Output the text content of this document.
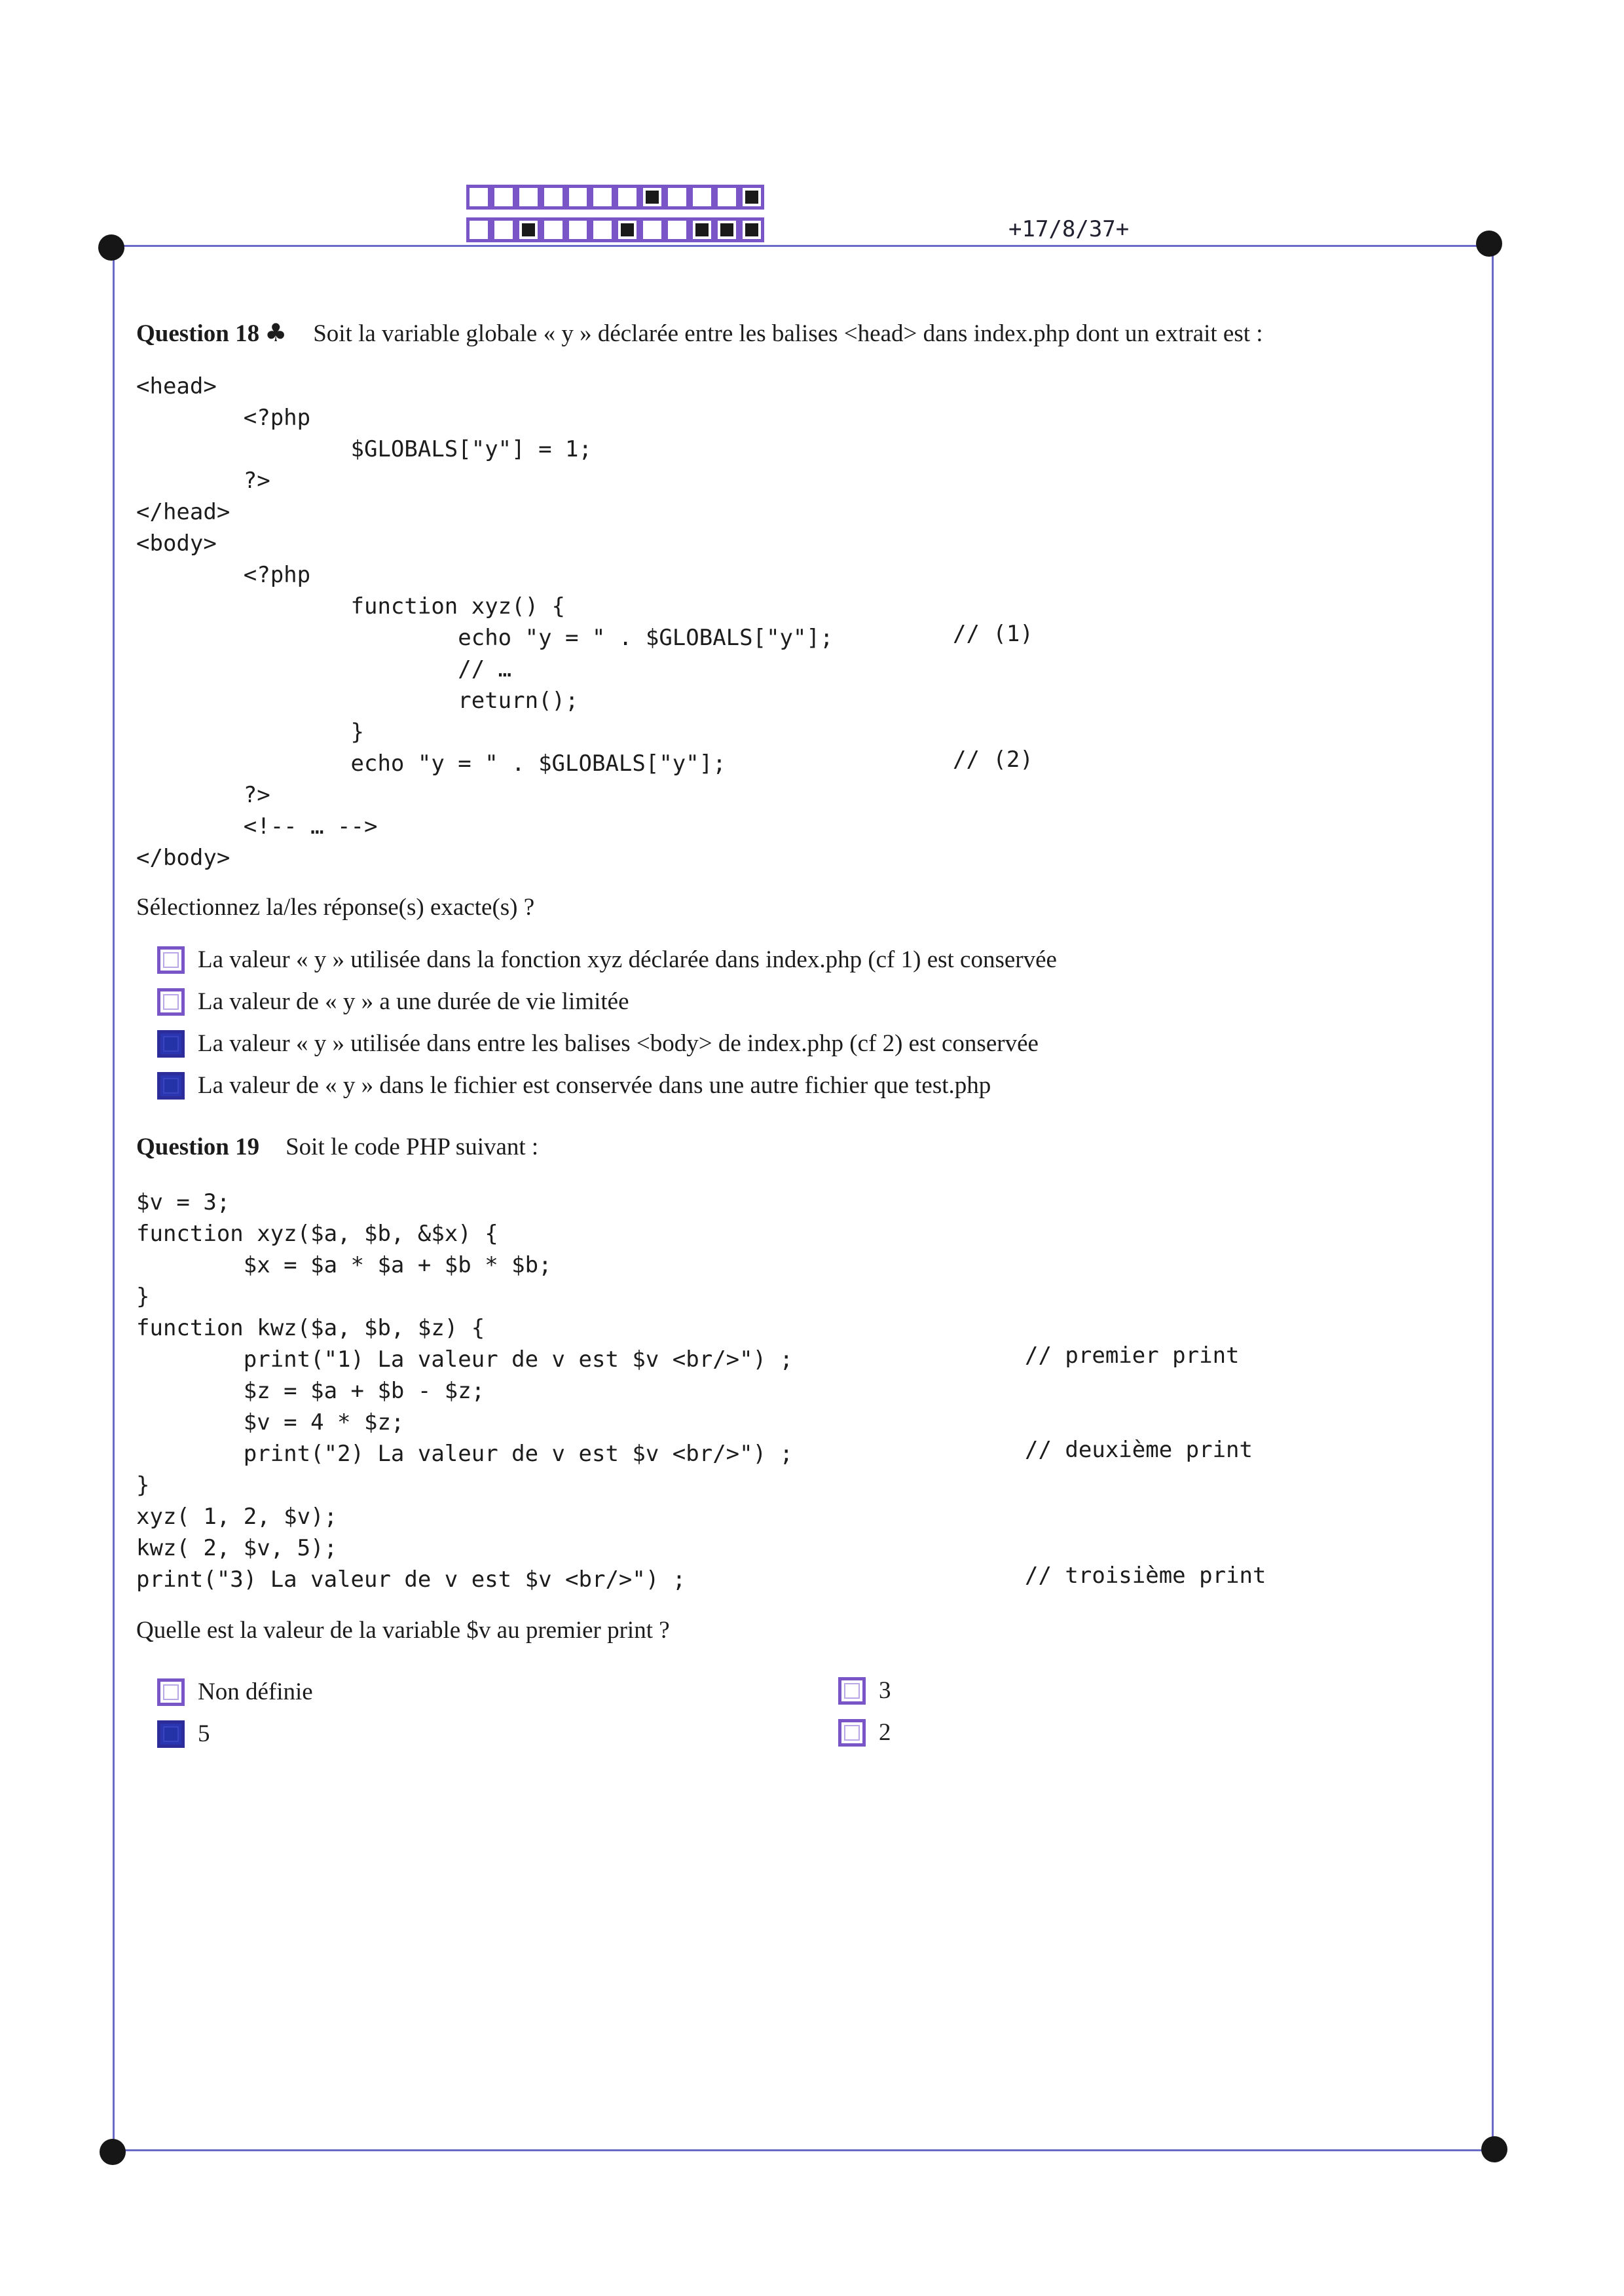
+17/8/37+
Question 18 ♣ Soit la variable globale « y » déclarée entre les balises <head> dans index.php dont un extrait est :
<head>
<?php
$GLOBALS["y"] = 1;
?>
</head>
<body>
<?php
function xyz() {
echo "y = " . $GLOBALS["y"];
// …
return();
}
echo "y = " . $GLOBALS["y"];
?>
<!-- … -->
</body>
// (1)
// (2)
Sélectionnez la/les réponse(s) exacte(s) ?
La valeur « y » utilisée dans la fonction xyz déclarée dans index.php (cf 1) est conservée
La valeur de « y » a une durée de vie limitée
La valeur « y » utilisée dans entre les balises <body> de index.php (cf 2) est conservée
La valeur de « y » dans le fichier est conservée dans une autre fichier que test.php
Question 19 Soit le code PHP suivant :
$v = 3;
function xyz($a, $b, &$x) {
$x = $a * $a + $b * $b;
}
function kwz($a, $b, $z) {
print("1) La valeur de v est $v <br/>") ;
$z = $a + $b - $z;
$v = 4 * $z;
print("2) La valeur de v est $v <br/>") ;
}
xyz( 1, 2, $v);
kwz( 2, $v, 5);
print("3) La valeur de v est $v <br/>") ;
// premier print
// deuxième print
// troisième print
Quelle est la valeur de la variable $v au premier print ?
Non définie	3
5	2
